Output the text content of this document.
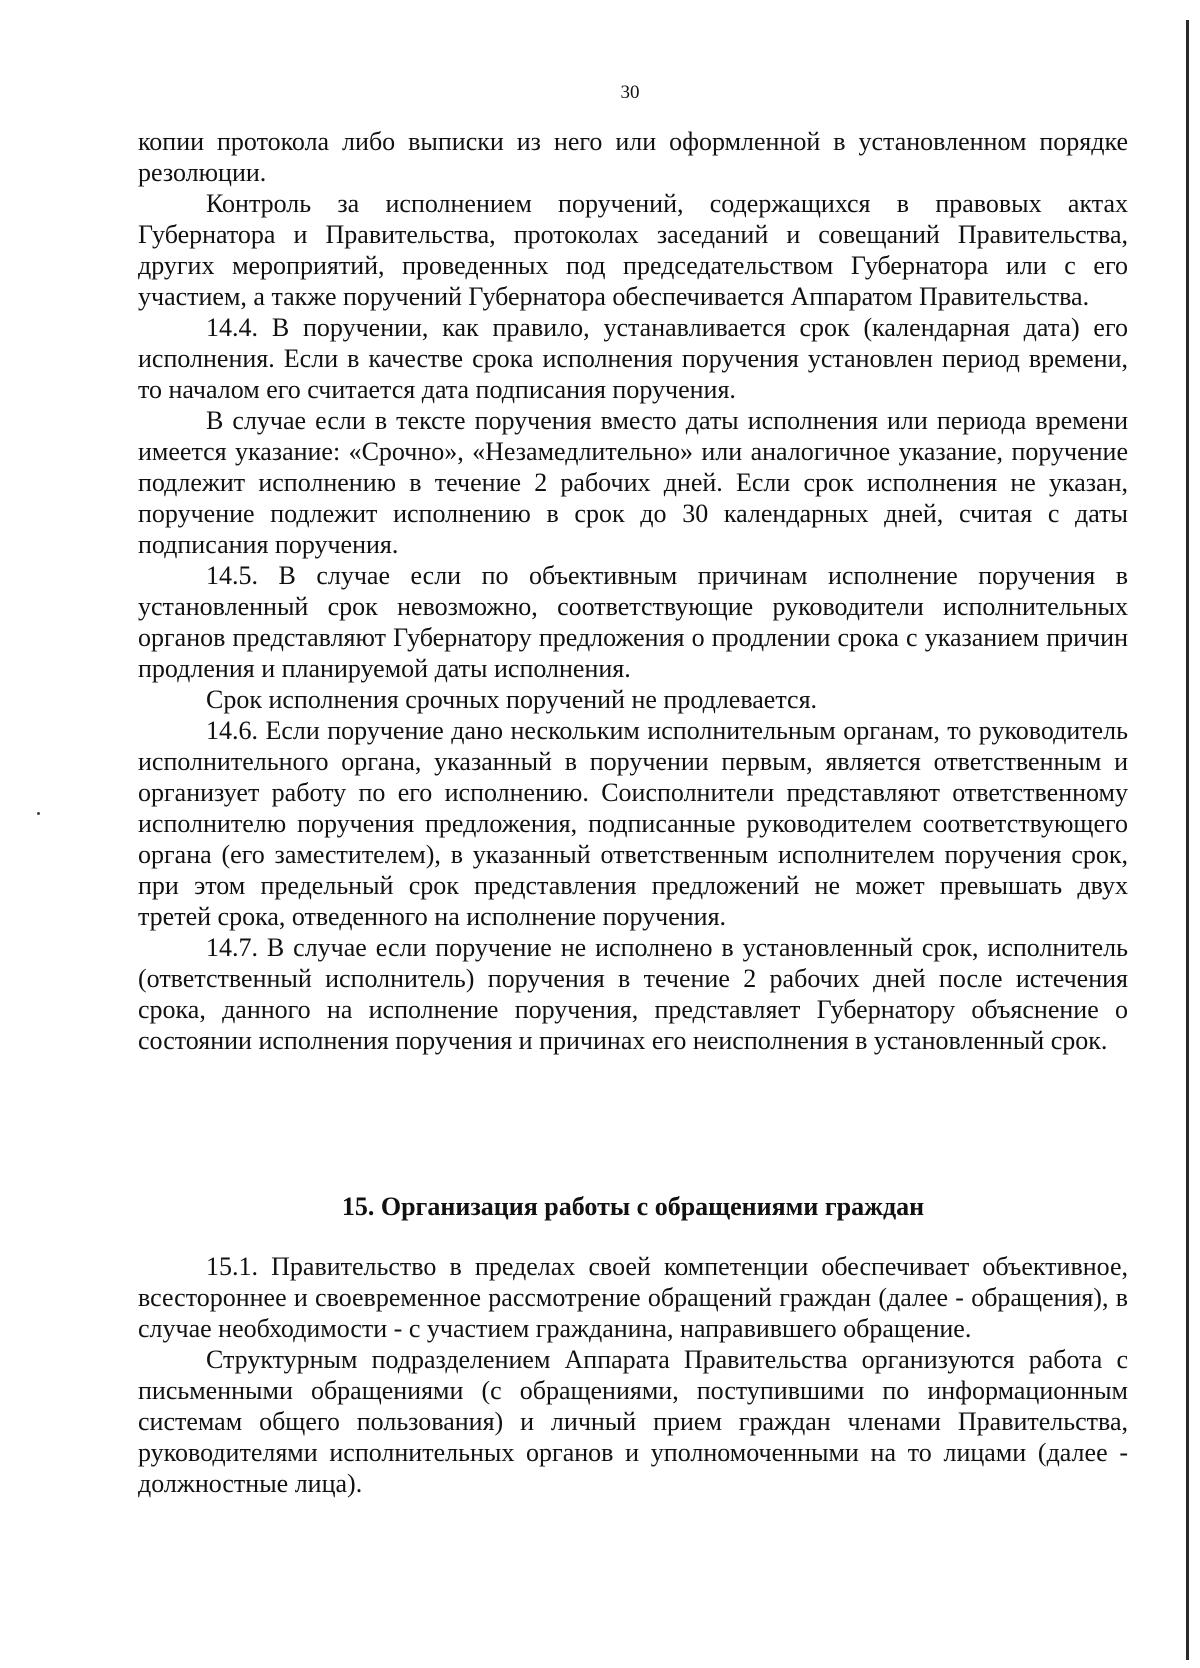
30

копии протокола либо выписки из него или оформленной в установленном порядке резолюции.

Контроль за исполнением поручений, содержащихся в правовых актах Губернатора и Правительства, протоколах заседаний и совещаний Правительства, других мероприятий, проведенных под председательством Губернатора или с его участием, а также поручений Губернатора обеспечивается Аппаратом Правительства.

14.4. В поручении, как правило, устанавливается срок (календарная дата) его исполнения. Если в качестве срока исполнения поручения установлен период времени, то началом его считается дата подписания поручения.

В случае если в тексте поручения вместо даты исполнения или периода времени имеется указание: «Срочно», «Незамедлительно» или аналогичное указание, поручение подлежит исполнению в течение 2 рабочих дней. Если срок исполнения не указан, поручение подлежит исполнению в срок до 30 календарных дней, считая с даты подписания поручения.

14.5. В случае если по объективным причинам исполнение поручения в установленный срок невозможно, соответствующие руководители исполнительных органов представляют Губернатору предложения о продлении срока с указанием причин продления и планируемой даты исполнения.

Срок исполнения срочных поручений не продлевается.

14.6. Если поручение дано нескольким исполнительным органам, то руководитель исполнительного органа, указанный в поручении первым, является ответственным и организует работу по его исполнению. Соисполнители представляют ответственному исполнителю поручения предложения, подписанные руководителем соответствующего органа (его заместителем), в указанный ответственным исполнителем поручения срок, при этом предельный срок представления предложений не может превышать двух третей срока, отведенного на исполнение поручения.

14.7. В случае если поручение не исполнено в установленный срок, исполнитель (ответственный исполнитель) поручения в течение 2 рабочих дней после истечения срока, данного на исполнение поручения, представляет Губернатору объяснение о состоянии исполнения поручения и причинах его неисполнения в установленный срок.

15. Организация работы с обращениями граждан

15.1. Правительство в пределах своей компетенции обеспечивает объективное, всестороннее и своевременное рассмотрение обращений граждан (далее - обращения), в случае необходимости - с участием гражданина, направившего обращение.

Структурным подразделением Аппарата Правительства организуются работа с письменными обращениями (с обращениями, поступившими по информационным системам общего пользования) и личный прием граждан членами Правительства, руководителями исполнительных органов и уполномоченными на то лицами (далее - должностные лица).
